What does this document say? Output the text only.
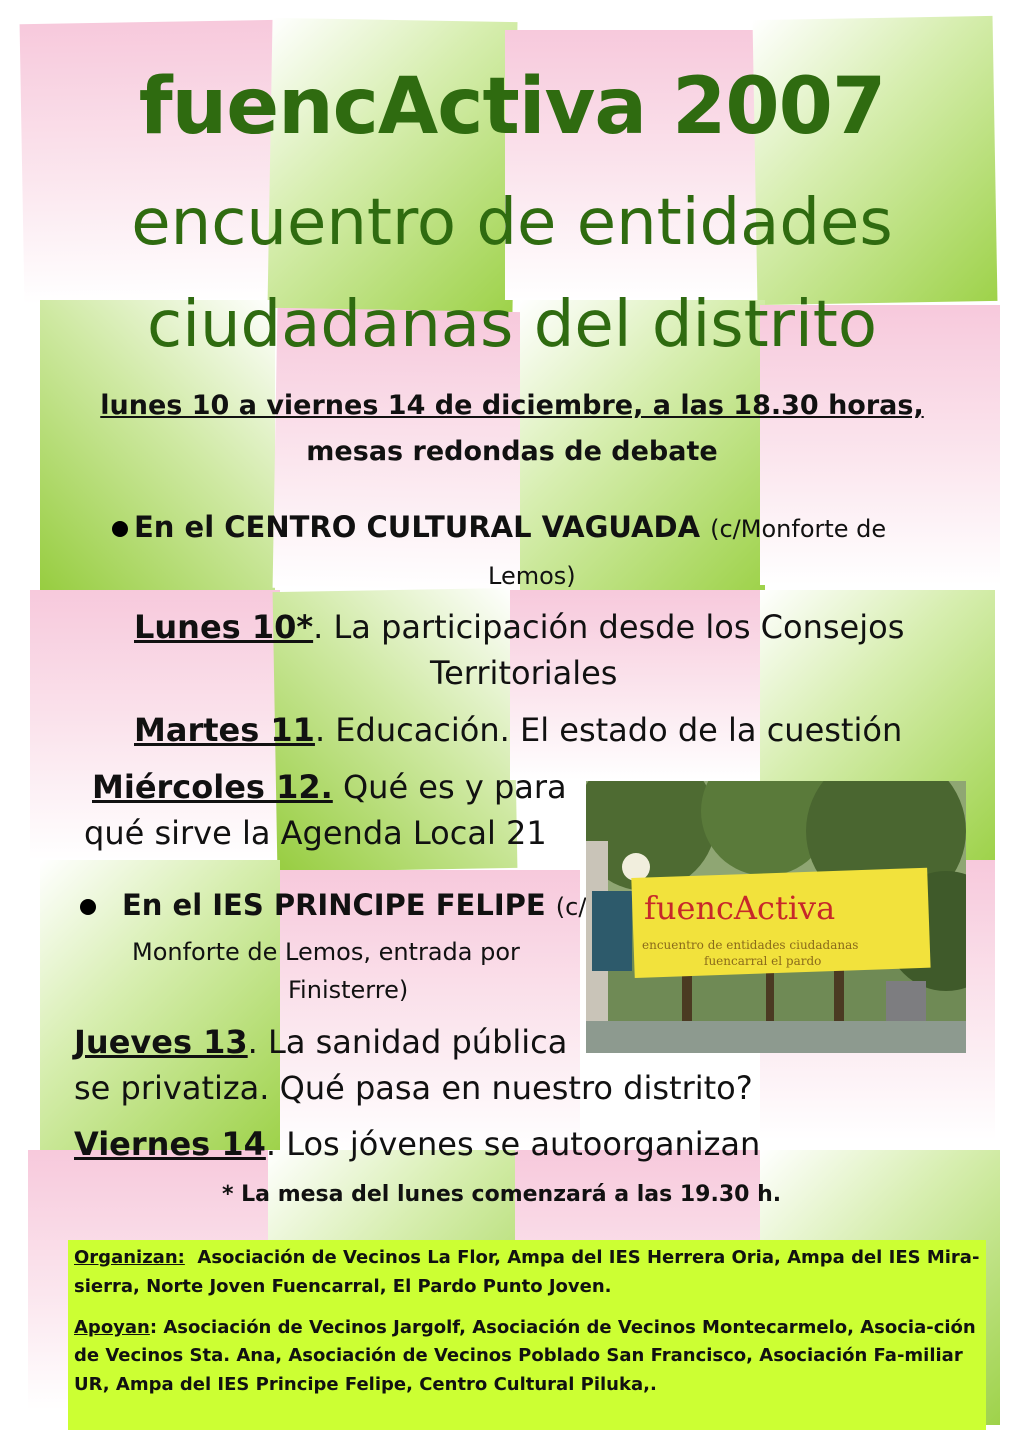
fuencActiva 2007
encuentro de entidades
ciudadanas del distrito
lunes 10 a viernes 14 de diciembre, a las 18.30 horas,
mesas redondas de debate
En el CENTRO CULTURAL VAGUADA (c/Monforte de
Lemos)
Lunes 10*. La participación desde los Consejos
Territoriales
Martes 11. Educación. El estado de la cuestión
Miércoles 12. Qué es y para
qué sirve la Agenda Local 21
En el IES PRINCIPE FELIPE (c/
Monforte de Lemos, entrada por
Finisterre)
Jueves 13. La sanidad pública
se privatiza. Qué pasa en nuestro distrito?
Viernes 14. Los jóvenes se autoorganizan
* La mesa del lunes comenzará a las 19.30 h.
fuencActiva
encuentro de entidades ciudadanas
fuencarral el pardo
Organizan: Asociación de Vecinos La Flor, Ampa del IES Herrera Oria, Ampa del IES Mira-sierra, Norte Joven Fuencarral, El Pardo Punto Joven.
Apoyan: Asociación de Vecinos Jargolf, Asociación de Vecinos Montecarmelo, Asocia-ción de Vecinos Sta. Ana, Asociación de Vecinos Poblado San Francisco, Asociación Fa-miliar UR, Ampa del IES Principe Felipe, Centro Cultural Piluka,.
